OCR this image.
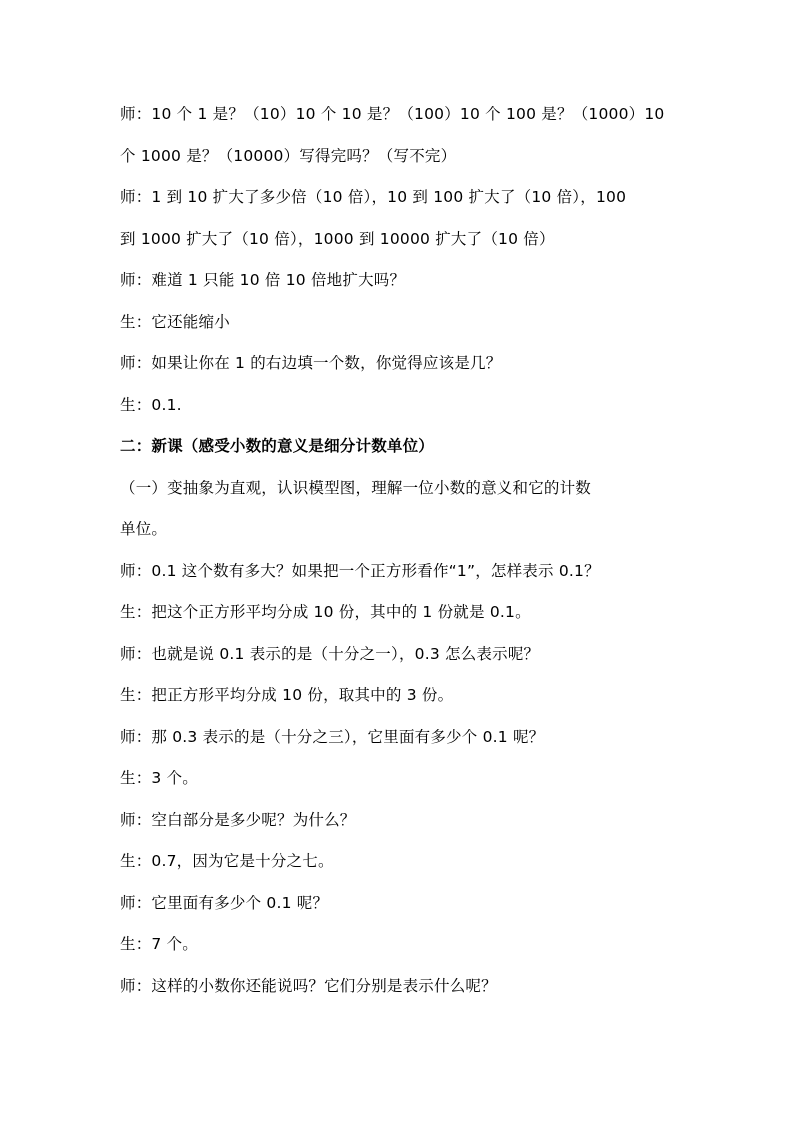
师：10 个 1 是？（10）10 个 10 是？（100）10 个 100 是？（1000）10
个 1000 是？（10000）写得完吗？（写不完）
师：1 到 10 扩大了多少倍（10 倍），10 到 100 扩大了（10 倍），100
到 1000 扩大了（10 倍），1000 到 10000 扩大了（10 倍）
师：难道 1 只能 10 倍 10 倍地扩大吗？
生：它还能缩小
师：如果让你在 1 的右边填一个数，你觉得应该是几？
生：0.1.
二：新课（感受小数的意义是细分计数单位）
（一）变抽象为直观，认识模型图，理解一位小数的意义和它的计数
单位。
师：0.1 这个数有多大？如果把一个正方形看作“1”，怎样表示 0.1？
生：把这个正方形平均分成 10 份，其中的 1 份就是 0.1。
师：也就是说 0.1 表示的是（十分之一），0.3 怎么表示呢？
生：把正方形平均分成 10 份，取其中的 3 份。
师：那 0.3 表示的是（十分之三），它里面有多少个 0.1 呢？
生：3 个。
师：空白部分是多少呢？为什么？
生：0.7，因为它是十分之七。
师：它里面有多少个 0.1 呢？
生：7 个。
师：这样的小数你还能说吗？它们分别是表示什么呢？
